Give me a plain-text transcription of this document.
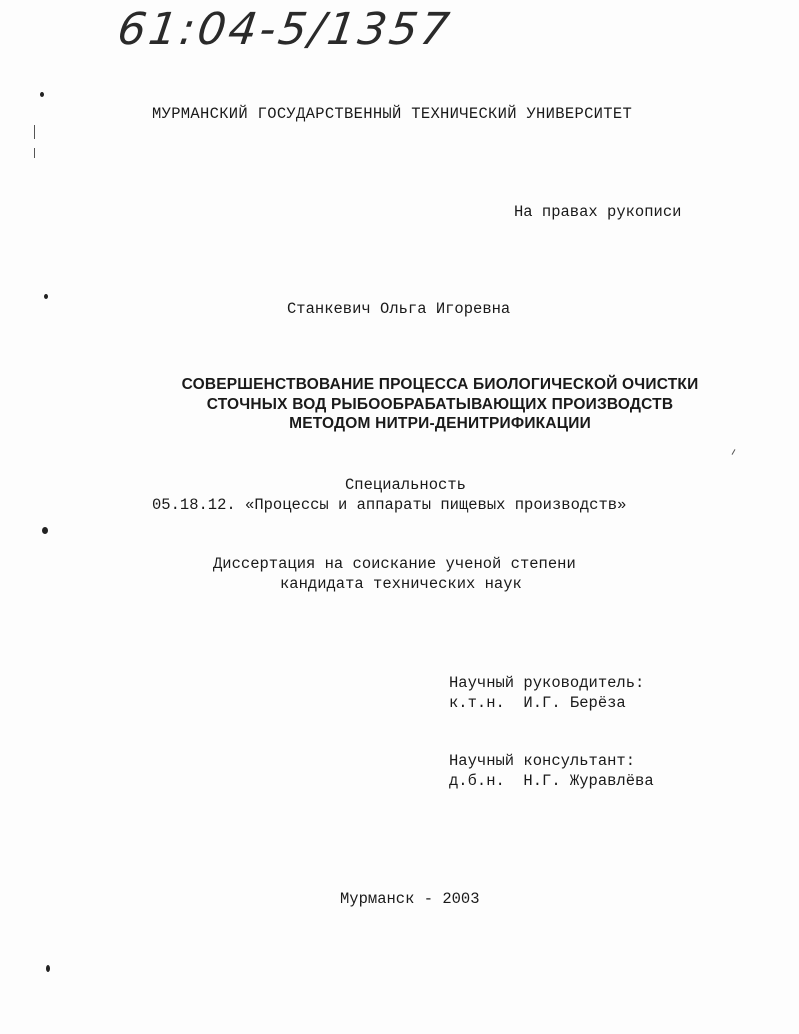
61:04-5/1357
МУРМАНСКИЙ ГОСУДАРСТВЕННЫЙ ТЕХНИЧЕСКИЙ УНИВЕРСИТЕТ
На правах рукописи
Станкевич Ольга Игоревна
СОВЕРШЕНСТВОВАНИЕ ПРОЦЕССА БИОЛОГИЧЕСКОЙ ОЧИСТКИ
СТОЧНЫХ ВОД РЫБООБРАБАТЫВАЮЩИХ ПРОИЗВОДСТВ
МЕТОДОМ НИТРИ-ДЕНИТРИФИКАЦИИ
Специальность
05.18.12. «Процессы и аппараты пищевых производств»
Диссертация на соискание ученой степени
кандидата технических наук
Научный руководитель:
к.т.н.  И.Г. Берёза
Научный консультант:
д.б.н.  Н.Г. Журавлёва
Мурманск - 2003
